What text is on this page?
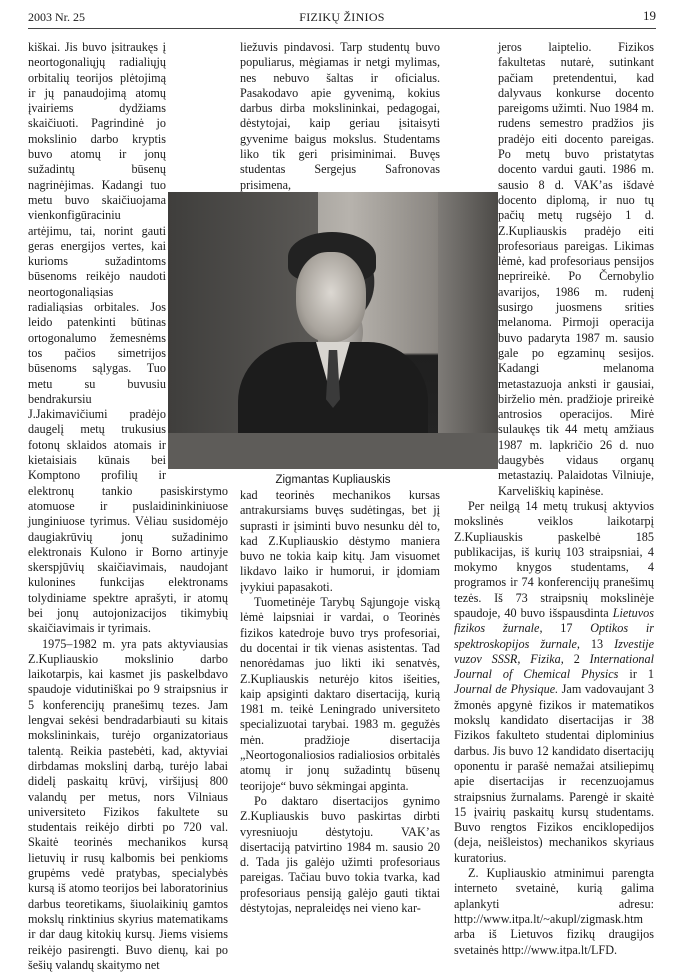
2003 Nr. 25	FIZIKŲ ŽINIOS	19

kiškai. Jis buvo įsitraukęs į neortogonaliųjų radialiųjų orbitalių teorijos plėtojimą ir jų panaudojimą atomų įvairiems dydžiams skaičiuoti. Pagrindinė jo mokslinio darbo kryptis buvo atomų ir jonų sužadintų būsenų nagrinėjimas. Kadangi tuo metu buvo skaičiuojama vienkonfigūraciniu artėjimu, tai, norint gauti geras energijos vertes, kai kurioms sužadintoms būsenoms reikėjo naudoti neortogonaliąsias radialiąsias orbitales. Jos leido patenkinti būtinas ortogonalumo žemesnėms tos pačios simetrijos būsenoms sąlygas. Tuo metu su buvusiu bendrakursiu J.Jakimavičiumi pradėjo daugelį metų trukusius fotonų sklaidos atomais ir kietaisiais kūnais bei Komptono profilių ir elektronų tankio pasiskirstymo atomuose ir puslaidininkiniuose junginiuose tyrimus. Vėliau susidomėjo daugiakrūvių jonų sužadinimo elektronais Kulono ir Borno artinyje skerspjūvių skaičiavimais, naudojant kulonines funkcijas elektronams tolydiniame spektre aprašyti, ir atomų bei jonų autojonizacijos tikimybių skaičiavimais ir tyrimais.

1975–1982 m. yra pats aktyviausias Z.Kupliauskio mokslinio darbo laikotarpis, kai kasmet jis paskelbdavo spaudoje vidutiniškai po 9 straipsnius ir 5 konferencijų pranešimų tezes. Jam lengvai sekėsi bendradarbiauti su kitais mokslininkais, turėjo organizatoriaus talentą. Reikia pastebėti, kad, aktyviai dirbdamas mokslinį darbą, turėjo labai didelį paskaitų krūvį, viršijusį 800 valandų per metus, nors Vilniaus universiteto Fizikos fakultete su studentais reikėjo dirbti po 720 val. Skaitė teorinės mechanikos kursą lietuvių ir rusų kalbomis bei penkioms grupėms vedė pratybas, specialybės kursą iš atomo teorijos bei laboratorinius darbus teoretikams, šiuolaikinių gamtos mokslų rinktinius skyrius matematikams ir dar daug kitokių kursų. Jiems visiems reikėjo pasirengti. Buvo dienų, kai po šešių valandų skaitymo net

liežuvis pindavosi. Tarp studentų buvo populiarus, mėgiamas ir netgi mylimas, nes nebuvo šaltas ir oficialus. Pasakodavo apie gyvenimą, kokius darbus dirba mokslininkai, pedagogai, dėstytojai, kaip geriau įsitaisyti gyvenime baigus mokslus. Studentams liko tik geri prisiminimai. Buvęs studentas Sergejus Safronovas prisimena,

kad teorinės mechanikos kursas antrakursiams buvęs sudėtingas, bet jį suprasti ir įsiminti buvo nesunku dėl to, kad Z.Kupliauskio dėstymo maniera buvo ne tokia kaip kitų. Jam visuomet likdavo laiko ir humorui, ir įdomiam įvykiui papasakoti.

Tuometinėje Tarybų Sąjungoje viską lėmė laipsniai ir vardai, o Teorinės fizikos katedroje buvo trys profesoriai, du docentai ir tik vienas asistentas. Tad nenorėdamas juo likti iki senatvės, Z.Kupliauskis neturėjo kitos išeities, kaip apsiginti daktaro disertaciją, kurią 1981 m. teikė Leningrado universiteto specializuotai tarybai. 1983 m. gegužės mėn. pradžioje disertacija „Neortogonaliosios radialiosios orbitalės atomų ir jonų sužadintų būsenų teorijoje“ buvo sėkmingai apginta.

Po daktaro disertacijos gynimo Z.Kupliauskis buvo paskirtas dirbti vyresniuoju dėstytoju. VAK’as disertaciją patvirtino 1984 m. sausio 20 d. Tada jis galėjo užimti profesoriaus pareigas. Tačiau buvo tokia tvarka, kad profesoriaus pensiją galėjo gauti tiktai dėstytojas, nepraleidęs nei vieno kar-

jeros laiptelio. Fizikos fakultetas nutarė, sutinkant pačiam pretendentui, kad dalyvaus konkurse docento pareigoms užimti. Nuo 1984 m. rudens semestro pradžios jis pradėjo eiti docento pareigas. Po metų buvo pristatytas docento vardui gauti. 1986 m. sausio 8 d. VAK’as išdavė docento diplomą, ir nuo tų pačių metų rugsėjo 1 d. Z.Kupliauskis pradėjo eiti profesoriaus pareigas. Likimas lėmė, kad profesoriaus pensijos neprireikė. Po Černobylio avarijos, 1986 m. rudenį susirgo juosmens srities melanoma. Pirmoji operacija buvo padaryta 1987 m. sausio gale po egzaminų sesijos. Kadangi melanoma metastazuoja anksti ir gausiai, birželio mėn. pradžioje prireikė antrosios operacijos. Mirė sulaukęs tik 44 metų amžiaus 1987 m. lapkričio 26 d. nuo daugybės vidaus organų metastazių. Palaidotas Vilniuje, Karveliškių kapinėse.

Per neilgą 14 metų trukusį aktyvios mokslinės veiklos laikotarpį Z.Kupliauskis paskelbė 185 publikacijas, iš kurių 103 straipsniai, 4 mokymo knygos studentams, 4 programos ir 74 konferencijų pranešimų tezės. Iš 73 straipsnių mokslinėje spaudoje, 40 buvo išspausdinta Lietuvos fizikos žurnale, 17 Optikos ir spektroskopijos žurnale, 13 Izvestije vuzov SSSR, Fizika, 2 International Journal of Chemical Physics ir 1 Journal de Physique. Jam vadovaujant 3 žmonės apgynė fizikos ir matematikos mokslų kandidato disertacijas ir 38 Fizikos fakulteto studentai diplominius darbus. Jis buvo 12 kandidato disertacijų oponentu ir parašė nemažai atsiliepimų apie disertacijas ir recenzuojamus straipsnius žurnalams. Parengė ir skaitė 15 įvairių paskaitų kursų studentams. Buvo rengtos Fizikos enciklopedijos (deja, neišleistos) mechanikos skyriaus kuratorius.

Z. Kupliauskio atminimui parengta interneto svetainė, kurią galima aplankyti adresu: http://www.itpa.lt/~akupl/zigmask.htm arba iš Lietuvos fizikų draugijos svetainės http://www.itpa.lt/LFD.

Zigmantas Kupliauskis
